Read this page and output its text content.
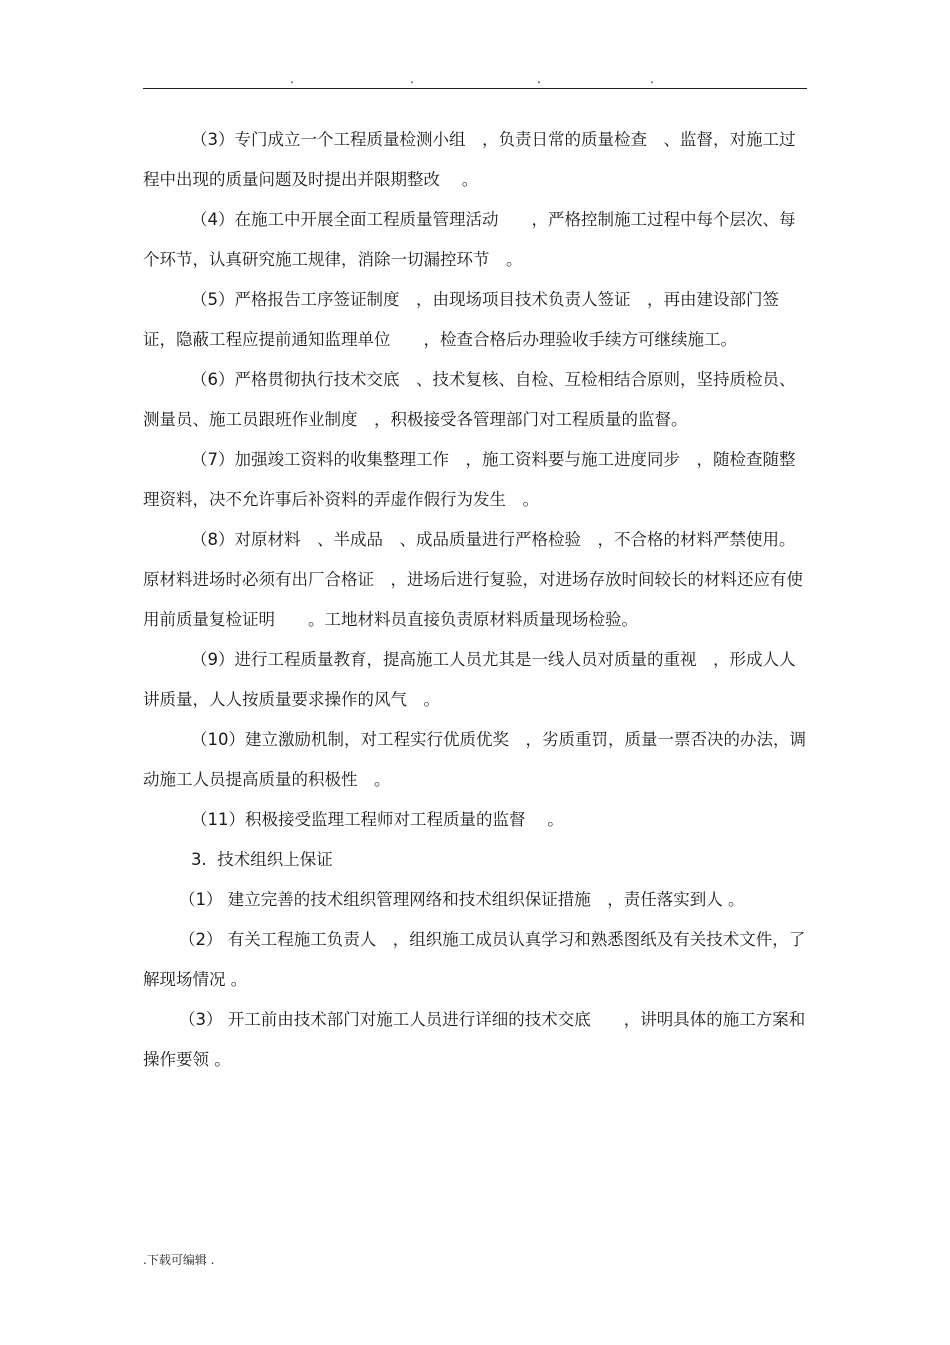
.	.	.	.

（3）专门成立一个工程质量检测小组　，负责日常的质量检查　、监督，对施工过程中出现的质量问题及时提出并限期整改　 。

（4）在施工中开展全面工程质量管理活动　　，严格控制施工过程中每个层次、每个环节，认真研究施工规律，消除一切漏控环节　。

（5）严格报告工序签证制度　，由现场项目技术负责人签证　，再由建设部门签证，隐蔽工程应提前通知监理单位　　，检查合格后办理验收手续方可继续施工。

（6）严格贯彻执行技术交底　、技术复核、自检、互检相结合原则，坚持质检员、测量员、施工员跟班作业制度　，积极接受各管理部门对工程质量的监督。

（7）加强竣工资料的收集整理工作　，施工资料要与施工进度同步　，随检查随整理资料，决不允许事后补资料的弄虚作假行为发生　。

（8）对原材料　、半成品　、成品质量进行严格检验　，不合格的材料严禁使用。原材料进场时必须有出厂合格证　，进场后进行复验，对进场存放时间较长的材料还应有使用前质量复检证明　　。工地材料员直接负责原材料质量现场检验。

（9）进行工程质量教育，提高施工人员尤其是一线人员对质量的重视　，形成人人讲质量，人人按质量要求操作的风气　。

（10）建立激励机制，对工程实行优质优奖　，劣质重罚，质量一票否决的办法，调动施工人员提高质量的积极性　。

（11）积极接受监理工程师对工程质量的监督　 。

3.  技术组织上保证

（1） 建立完善的技术组织管理网络和技术组织保证措施　，责任落实到人 。

（2） 有关工程施工负责人　，组织施工成员认真学习和熟悉图纸及有关技术文件，了解现场情况 。

（3） 开工前由技术部门对施工人员进行详细的技术交底　　，讲明具体的施工方案和操作要领 。

.下载可编辑 .
